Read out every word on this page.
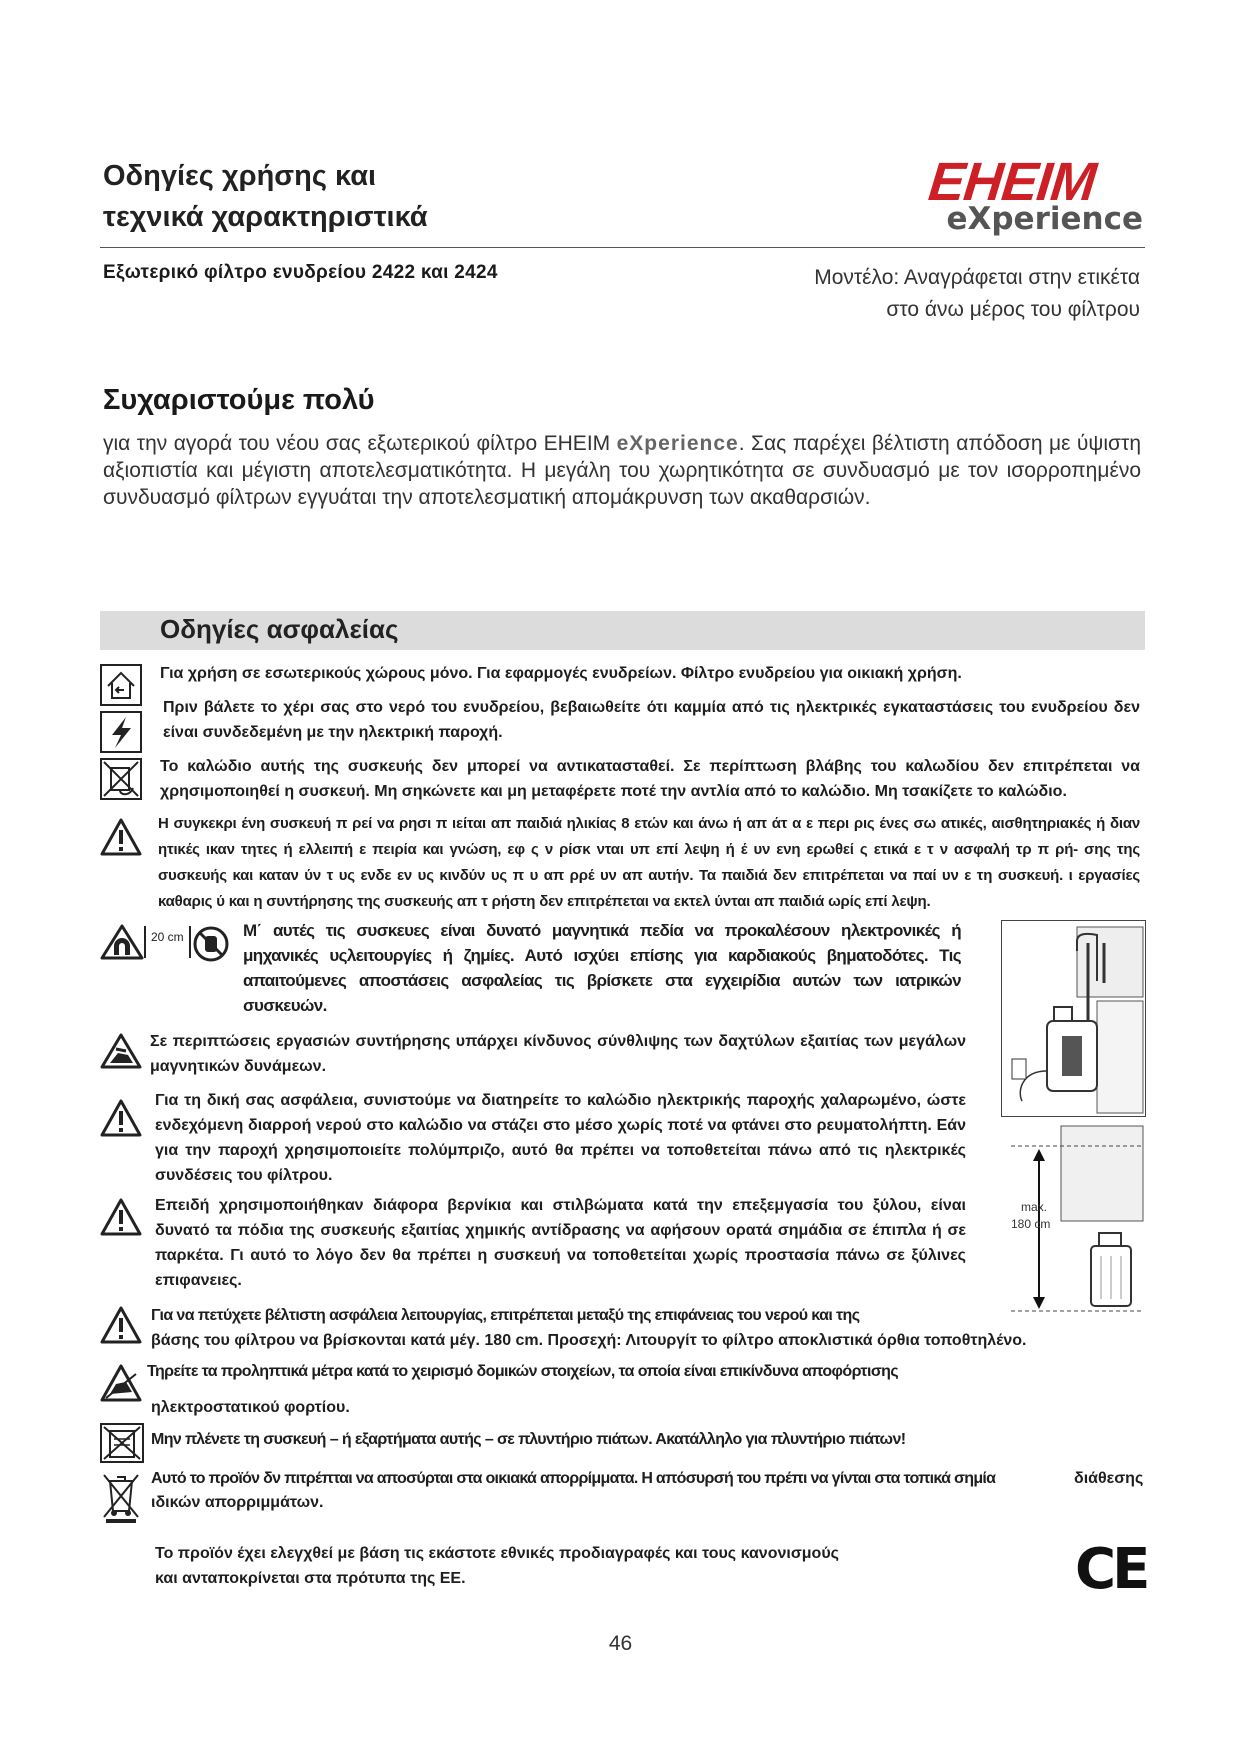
Οδηγίες χρήσης και
τεχνικά χαρακτηριστικά
EHEIM
eXperience
Εξωτερικό φίλτρο ενυδρείου 2422 και 2424	Μοντέλο: Αναγράφεται στην ετικέτα
στο άνω μέρος του φίλτρου
Συχαριστούμε πολύ
για την αγορά του νέου σας εξωτερικού φίλτρο EHEIM eXperience. Σας παρέχει βέλτιστη απόδοση με ύψιστη αξιοπιστία και μέγιστη αποτελεσματικότητα. Η μεγάλη του χωρητικότητα σε συνδυασμό με τον ισορροπημένο συνδυασμό φίλτρων εγγυάται την αποτελεσματική απομάκρυνση των ακαθαρσιών.
Οδηγίες ασφαλείας
Για χρήση σε εσωτερικούς χώρους μόνο. Για εφαρμογές ενυδρείων. Φίλτρο ενυδρείου για οικιακή χρήση.
Πριν βάλετε το χέρι σας στο νερό του ενυδρείου, βεβαιωθείτε ότι καμμία από τις ηλεκτρικές εγκαταστάσεις του ενυδρείου δεν είναι συνδεδεμένη με την ηλεκτρική παροχή.
Το καλώδιο αυτής της συσκευής δεν μπορεί να αντικατασταθεί. Σε περίπτωση βλάβης του καλωδίου δεν επιτρέπεται να χρησιμοποιηθεί η συσκευή. Μη σηκώνετε και μη μεταφέρετε ποτέ την αντλία από το καλώδιο. Μη τσακίζετε το καλώδιο.
Η συγκεκρι ένη συσκευή π ρεί να ρησι π ιείται απ παιδιά ηλικίας 8 ετών και άνω ή απ άτ α ε περι ρις ένες σω ατικές, αισθητηριακές ή διαν ητικές ικαν τητες ή ελλειπή ε πειρία και γνώση, εφ ς ν ρίσκ νται υπ επί λεψη ή έ υν ενη ερωθεί ς ετικά ε τ ν ασφαλή τρ π ρή- σης της συσκευής και καταν ύν τ υς ενδε εν υς κινδύν υς π υ απ ρρέ υν απ αυτήν. Τα παιδιά δεν επιτρέπεται να παί υν ε τη συσκευή. ι εργασίες καθαρις ύ και η συντήρησης της συσκευής απ τ ρήστη δεν επιτρέπεται να εκτελ ύνται απ παιδιά ωρίς επί λεψη.
20 cm	Μ΄ αυτές τις συσκευες είναι δυνατό μαγνητικά πεδία να προκαλέσουν ηλεκτρονικές ή μηχανικές υςλειτουργίες ή ζημίες. Αυτό ισχύει επίσης για καρδιακούς βηματοδότες. Τις απαιτούμενες αποστάσεις ασφαλείας τις βρίσκετε στα εγχειρίδια αυτών των ιατρικών συσκευών.
Σε περιπτώσεις εργασιών συντήρησης υπάρχει κίνδυνος σύνθλιψης των δαχτύλων εξαιτίας των μεγάλων μαγνητικών δυνάμεων.
Για τη δική σας ασφάλεια, συνιστούμε να διατηρείτε το καλώδιο ηλεκτρικής παροχής χαλαρωμένο, ώστε ενδεχόμενη διαρροή νερού στο καλώδιο να στάζει στο μέσο χωρίς ποτέ να φτάνει στο ρευματολήπτη. Εάν για την παροχή χρησιμοποιείτε πολύμπριζο, αυτό θα πρέπει να τοποθετείται πάνω από τις ηλεκτρικές συνδέσεις του φίλτρου.
Επειδή χρησιμοποιήθηκαν διάφορα βερνίκια και στιλβώματα κατά την επεξεμγασία του ξύλου, είναι δυνατό τα πόδια της συσκευής εξαιτίας χημικής αντίδρασης να αφήσουν ορατά σημάδια σε έπιπλα ή σε παρκέτα. Γι αυτό το λόγο δεν θα πρέπει η συσκευή να τοποθετείται χωρίς προστασία πάνω σε ξύλινες επιφανειες.
max.
180 cm
Για να πετύχετε βέλτιστη ασφάλεια λειτουργίας, επιτρέπεται μεταξύ της επιφάνειας του νερού και της
βάσης του φίλτρου να βρίσκονται κατά μέγ. 180 cm. Προσεχή: Λιτουργίτ το φίλτρο αποκλιστικά όρθια τοποθτηλένο.
Τηρείτε τα προληπτικά μέτρα κατά το χειρισμό δομικών στοιχείων, τα οποία είναι επικίνδυνα αποφόρτισης
ηλεκτροστατικού φορτίου.
Μην πλένετε τη συσκευή – ή εξαρτήματα αυτής – σε πλυντήριο πιάτων. Ακατάλληλο για πλυντήριο πιάτων!
Αυτό το προϊόν δν πιτρέπται να αποσύρται στα οικιακά απορρίμματα. Η απόσυρσή του πρέπι να γίνται στα τοπικά σημία	διάθεσης
ιδικών απορριμμάτων.
Το προϊόν έχει ελεγχθεί με βάση τις εκάστοτε εθνικές προδιαγραφές και τους κανονισμούς
και ανταποκρίνεται στα πρότυπα της ΕΕ.	CE
46
